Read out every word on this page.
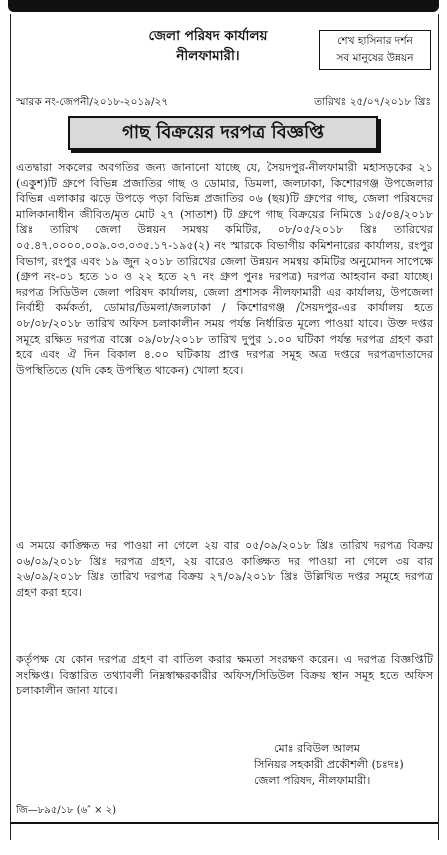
জেলা পরিষদ কার্যালয়
নীলফামারী।
শেখ হাসিনার দর্শন
সব মানুষের উন্নয়ন
স্মারক নং-জেপনী/২০১৮-২০১৯/২৭	তারিখঃ ২৫/০৭/২০১৮ খ্রিঃ
গাছ বিক্রয়ের দরপত্র বিজ্ঞপ্তি
এতদ্বারা সকলের অবগতির জন্য জানানো যাচ্ছে যে, সৈয়দপুর-নীলফামারী মহাসড়কের ২১ (একুশ)টি গ্রুপে বিভিন্ন প্রজাতির গাছ ও ডোমার, ডিমলা, জলঢাকা, কিশোরগঞ্জ উপজেলার বিভিন্ন এলাকার ঝড়ে উপড়ে পড়া বিভিন্ন প্রজাতির ০৬ (ছয়)টি গ্রুপের গাছ, জেলা পরিষদের মালিকানাধীন জীবিত/মৃত মোট ২৭ (সাতাশ) টি গ্রুপে গাছ বিক্রয়ের নিমিত্তে ১৫/০৪/২০১৮ খ্রিঃ তারিখ জেলা উন্নয়ন সমন্বয় কমিটির, ০৮/০৫/২০১৮ খ্রিঃ তারিখের ০৫.৪৭.০০০০.০০৯.০৩.০৩৫.১৭-১৯৫(২) নং স্মারকে বিভাগীয় কমিশনারের কার্যালয়, রংপুর বিভাগ, রংপুর এবং ১৯ জুন ২০১৮ তারিখের জেলা উন্নয়ন সমন্বয় কমিটির অনুমোদন সাপেক্ষে (গ্রুপ নং-০১ হতে ১০ ও ২২ হতে ২৭ নং গ্রুপ পুনঃ দরপত্র) দরপত্র আহবান করা যাচ্ছে। দরপত্র সিডিউল জেলা পরিষদ কার্যালয়, জেলা প্রশাসক নীলফামারী এর কার্যালয়, উপজেলা নির্বাহী কর্মকর্তা, ডোমার/ডিমলা/জলঢাকা / কিশোরগঞ্জ /সৈয়দপুর-এর কার্যালয় হতে ০৮/০৮/২০১৮ তারিখ অফিস চলাকালীন সময় পর্যন্ত নির্ধারিত মূল্যে পাওয়া যাবে। উক্ত দপ্তর সমূহে রক্ষিত দরপত্র বাক্সে ০৯/০৮/২০১৮ তারিখ দুপুর ১.০০ ঘটিকা পর্যন্ত দরপত্র গ্রহণ করা হবে এবং ঐ দিন বিকাল ৪.০০ ঘটিকায় প্রাপ্ত দরপত্র সমূহ অত্র দপ্তরে দরপত্রদাতাদের উপস্থিতিতে (যদি কেহ উপস্থিত থাকেন) খোলা হবে।
এ সময়ে কাঙ্ক্ষিত দর পাওয়া না গেলে ২য় বার ০৫/০৯/২০১৮ খ্রিঃ তারিখ দরপত্র বিক্রয় ০৬/০৯/২০১৮ খ্রিঃ দরপত্র গ্রহণ, ২য় বারেও কাঙ্ক্ষিত দর পাওয়া না গেলে ৩য় বার ২৬/০৯/২০১৮ খ্রিঃ তারিখ দরপত্র বিক্রয় ২৭/০৯/২০১৮ খ্রিঃ উল্লিখিত দপ্তর সমূহে দরপত্র গ্রহণ করা হবে।
কর্তৃপক্ষ যে কোন দরপত্র গ্রহণ বা বাতিল করার ক্ষমতা সংরক্ষণ করেন। এ দরপত্র বিজ্ঞপ্তিটি সংক্ষিপ্ত। বিস্তারিত তথ্যাবলী নিম্নস্বাক্ষরকারীর অফিস/সিডিউল বিক্রয় স্থান সমূহ হতে অফিস চলাকালীন জানা যাবে।
মোঃ রবিউল আলম
সিনিয়র সহকারী প্রকৌশলী (চঃদঃ)
জেলা পরিষদ, নীলফামারী।
জি—৮৯৫/১৮ (৬″ × ২)
